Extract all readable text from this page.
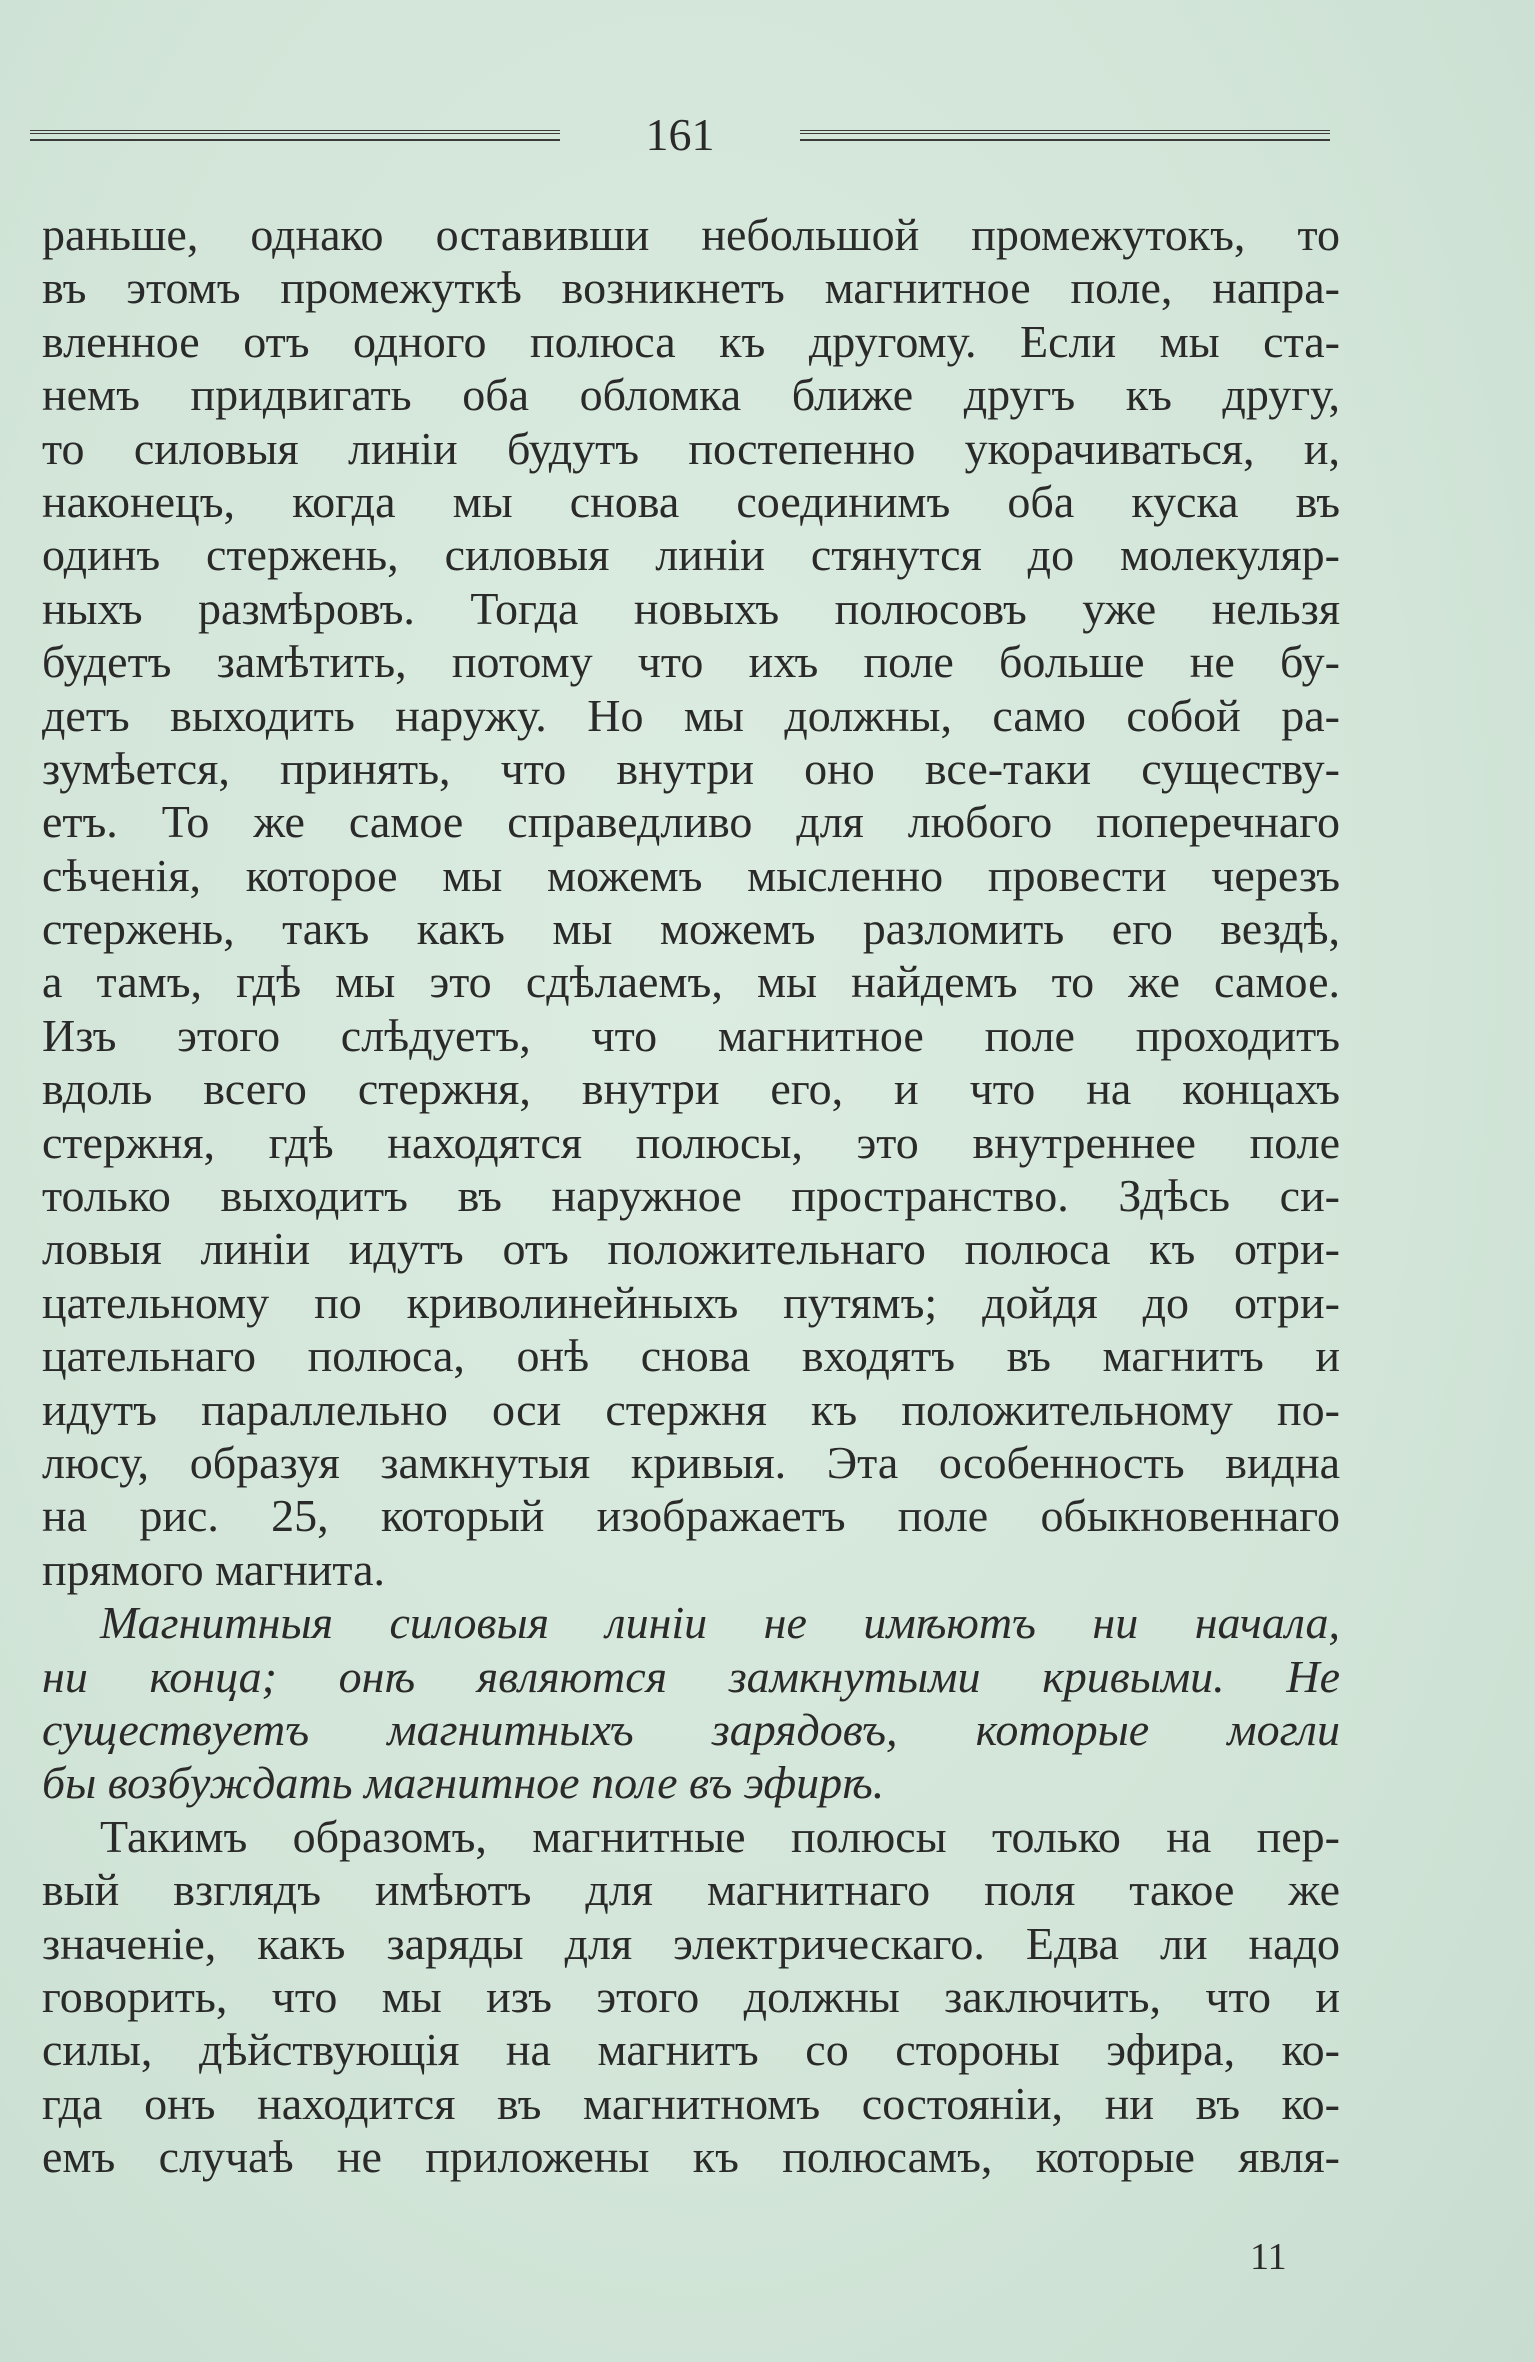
161
раньше, однако оставивши небольшой промежутокъ, то
въ этомъ промежуткѣ возникнетъ магнитное поле, напра-
вленное отъ одного полюса къ другому. Если мы ста-
немъ придвигать оба обломка ближе другъ къ другу,
то силовыя линіи будутъ постепенно укорачиваться, и,
наконецъ, когда мы снова соединимъ оба куска въ
одинъ стержень, силовыя линіи стянутся до молекуляр-
ныхъ размѣровъ. Тогда новыхъ полюсовъ уже нельзя
будетъ замѣтить, потому что ихъ поле больше не бу-
детъ выходить наружу. Но мы должны, само собой ра-
зумѣется, принять, что внутри оно все-таки существу-
етъ. То же самое справедливо для любого поперечнаго
сѣченія, которое мы можемъ мысленно провести черезъ
стержень, такъ какъ мы можемъ разломить его вездѣ,
а тамъ, гдѣ мы это сдѣлаемъ, мы найдемъ то же самое.
Изъ этого слѣдуетъ, что магнитное поле проходитъ
вдоль всего стержня, внутри его, и что на концахъ
стержня, гдѣ находятся полюсы, это внутреннее поле
только выходитъ въ наружное пространство. Здѣсь си-
ловыя линіи идутъ отъ положительнаго полюса къ отри-
цательному по криволинейныхъ путямъ; дойдя до отри-
цательнаго полюса, онѣ снова входятъ въ магнитъ и
идутъ параллельно оси стержня къ положительному по-
люсу, образуя замкнутыя кривыя. Эта особенность видна
на рис. 25, который изображаетъ поле обыкновеннаго
прямого магнита.
Магнитныя силовыя линіи не имѣютъ ни начала,
ни конца; онѣ являются замкнутыми кривыми. Не
существуетъ магнитныхъ зарядовъ, которые могли
бы возбуждать магнитное поле въ эфирѣ.
Такимъ образомъ, магнитные полюсы только на пер-
вый взглядъ имѣютъ для магнитнаго поля такое же
значеніе, какъ заряды для электрическаго. Едва ли надо
говорить, что мы изъ этого должны заключить, что и
силы, дѣйствующія на магнитъ со стороны эфира, ко-
гда онъ находится въ магнитномъ состояніи, ни въ ко-
емъ случаѣ не приложены къ полюсамъ, которые явля-
11
